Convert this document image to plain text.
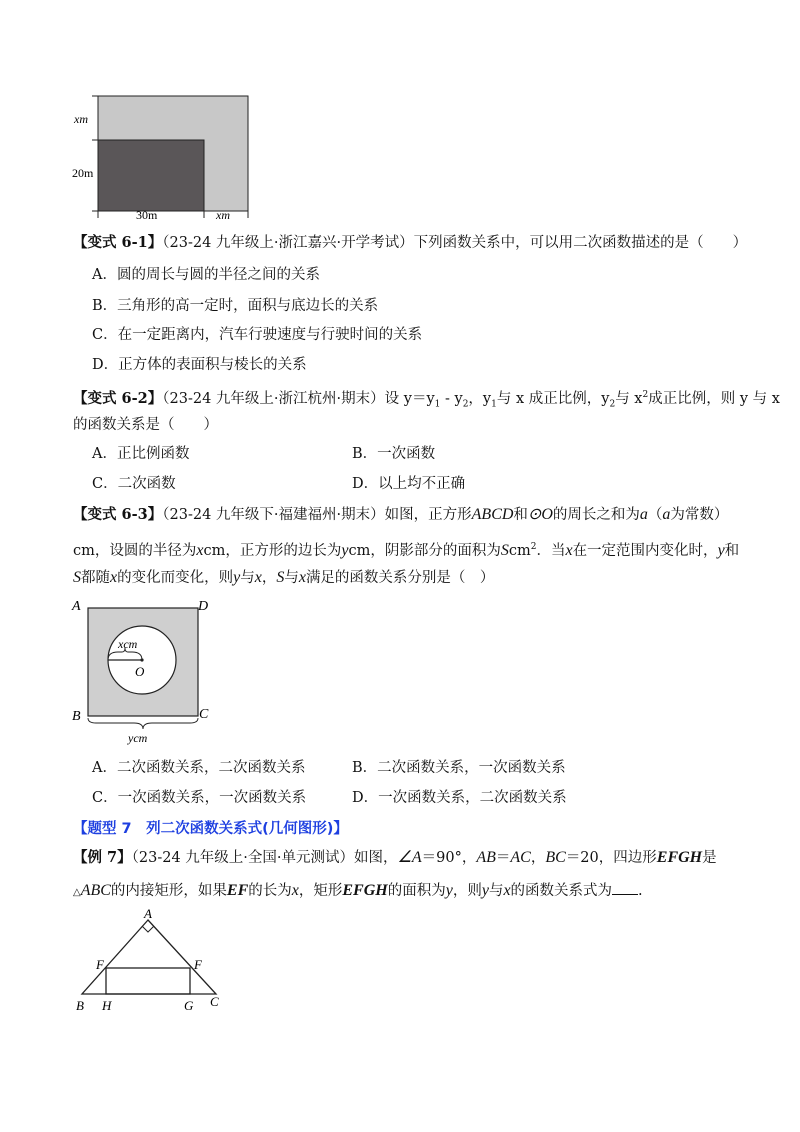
xm
20m
30m	xm
【变式 6-1】（23-24 九年级上·浙江嘉兴·开学考试）下列函数关系中，可以用二次函数描述的是（　　）
A．圆的周长与圆的半径之间的关系
B．三角形的高一定时，面积与底边长的关系
C．在一定距离内，汽车行驶速度与行驶时间的关系
D．正方体的表面积与棱长的关系
【变式 6-2】（23-24 九年级上·浙江杭州·期末）设 $y=y_1 - y_2$，$y_1$与 x 成正比例，$y_2$与 $x^2$成正比例，则 y 与 x
的函数关系是（　　）
A．正比例函数	B．一次函数
C．二次函数	D．以上均不正确
【变式 6-3】（23-24 九年级下·福建福州·期末）如图，正方形ABCD和⊙O的周长之和为a（a为常数）
cm，设圆的半径为xcm，正方形的边长为ycm，阴影部分的面积为Scm$^2$．当x在一定范围内变化时，y和
S都随x的变化而变化，则y与x，S与x满足的函数关系分别是（　）
A	D
B	C
O
xcm
ycm
A．二次函数关系，二次函数关系	B．二次函数关系，一次函数关系
C．一次函数关系，一次函数关系	D．一次函数关系，二次函数关系
【题型 7　列二次函数关系式(几何图形)】
【例 7】（23-24 九年级上·全国·单元测试）如图，∠A＝90°，AB＝AC，BC＝20，四边形EFGH是
△ABC的内接矩形，如果EF的长为x，矩形EFGH的面积为y，则y与x的函数关系式为 .
A
F	F
B H	G C
